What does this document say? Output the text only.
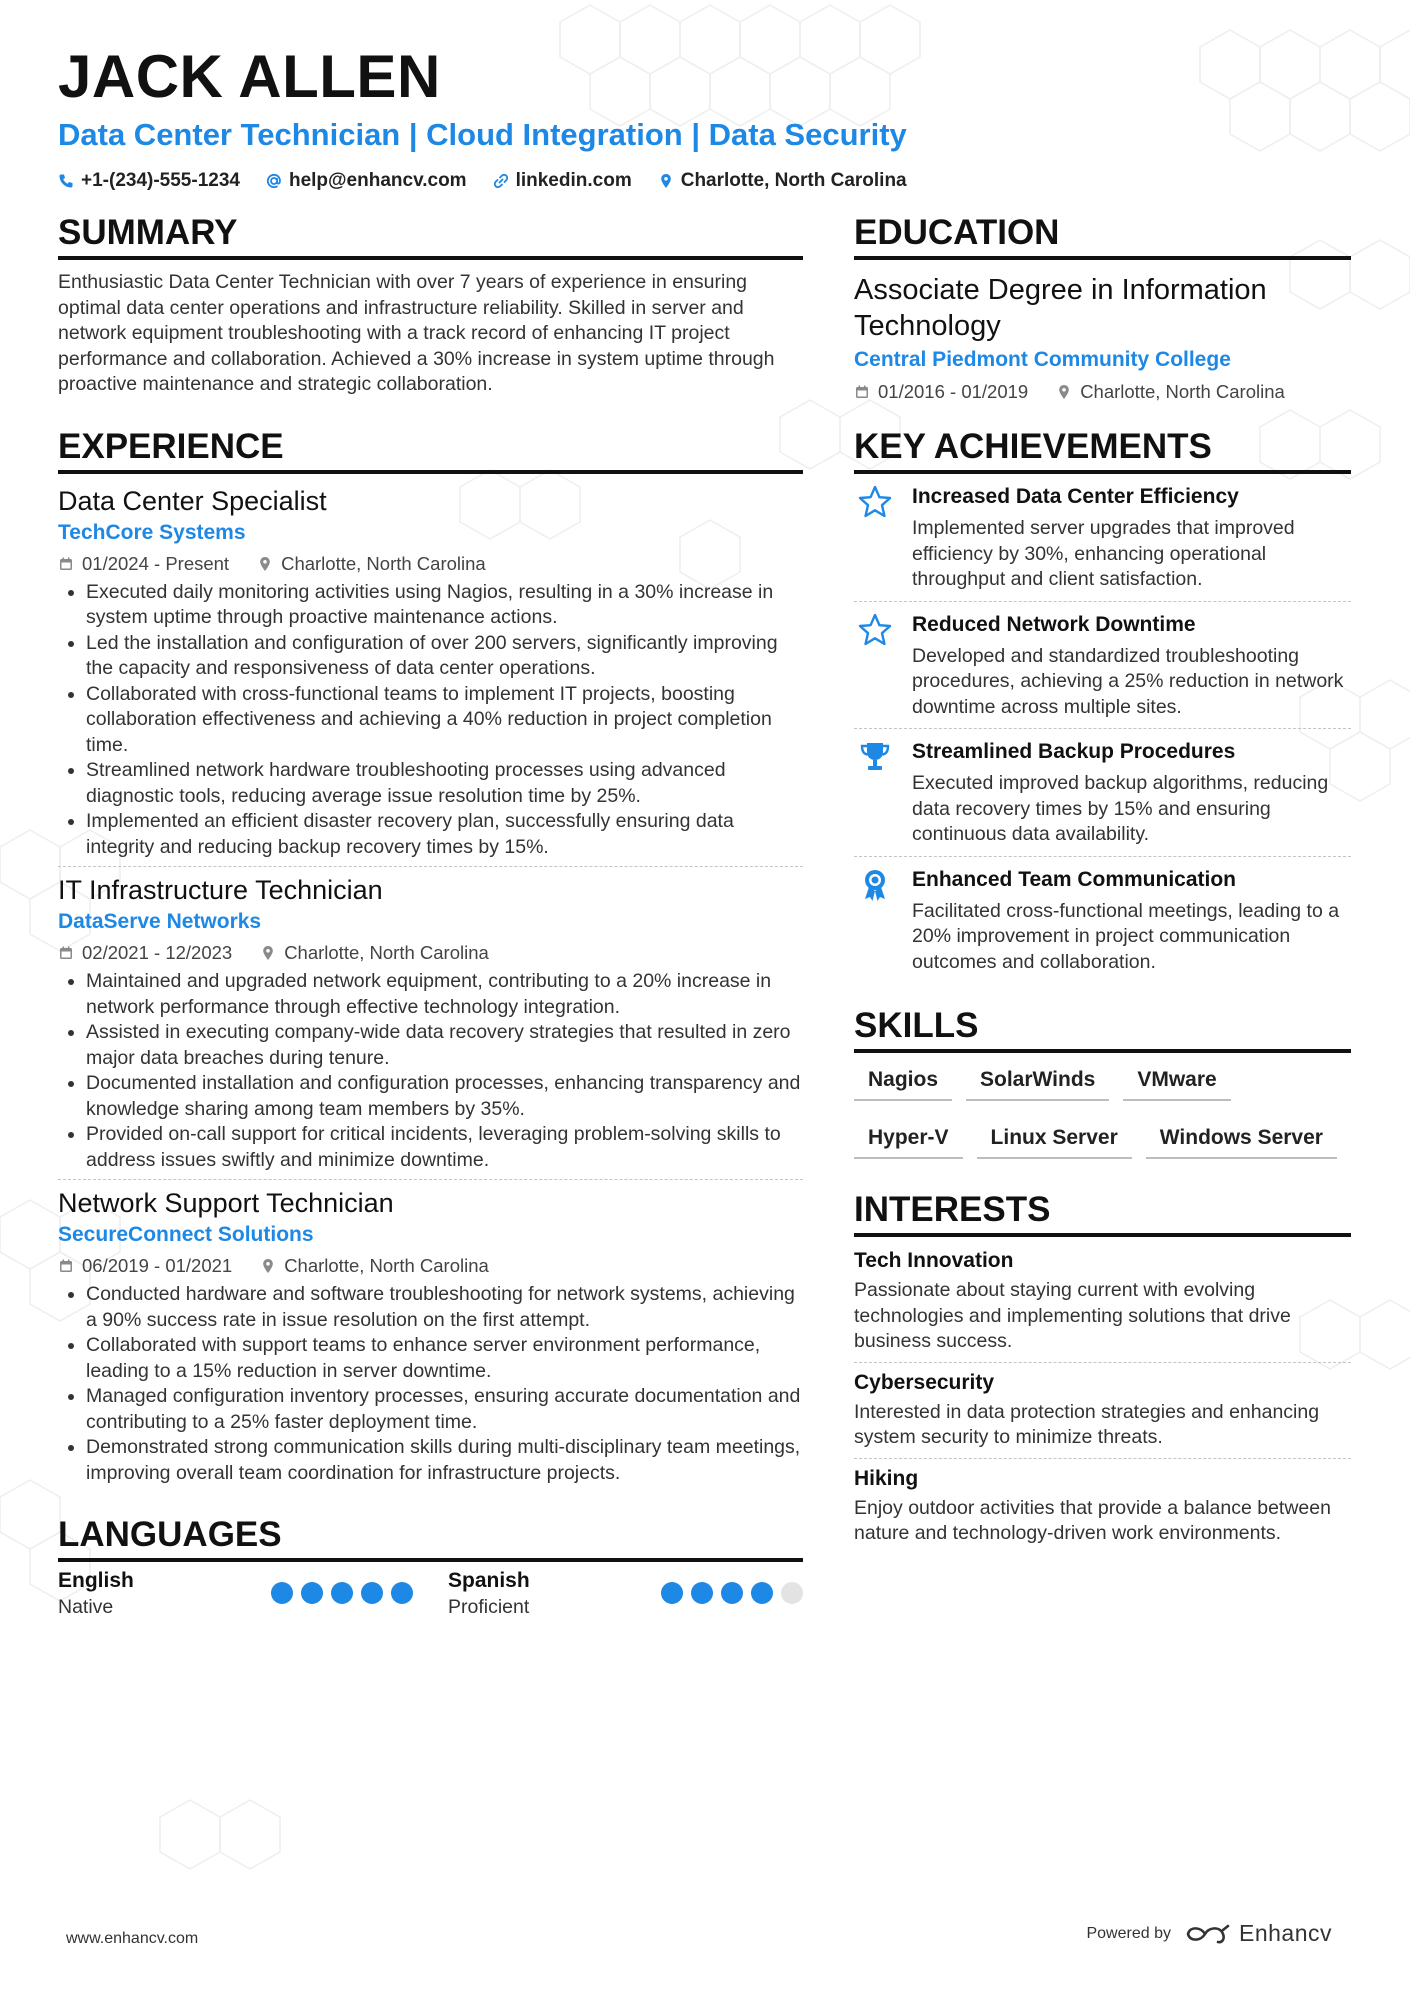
JACK ALLEN
Data Center Technician | Cloud Integration | Data Security
+1-(234)-555-1234	help@enhancv.com	linkedin.com	Charlotte, North Carolina
SUMMARY
Enthusiastic Data Center Technician with over 7 years of experience in ensuring optimal data center operations and infrastructure reliability. Skilled in server and network equipment troubleshooting with a track record of enhancing IT project performance and collaboration. Achieved a 30% increase in system uptime through proactive maintenance and strategic collaboration.
EXPERIENCE
Data Center Specialist
TechCore Systems
01/2024 - Present	Charlotte, North Carolina
• Executed daily monitoring activities using Nagios, resulting in a 30% increase in system uptime through proactive maintenance actions.
• Led the installation and configuration of over 200 servers, significantly improving the capacity and responsiveness of data center operations.
• Collaborated with cross-functional teams to implement IT projects, boosting collaboration effectiveness and achieving a 40% reduction in project completion time.
• Streamlined network hardware troubleshooting processes using advanced diagnostic tools, reducing average issue resolution time by 25%.
• Implemented an efficient disaster recovery plan, successfully ensuring data integrity and reducing backup recovery times by 15%.
IT Infrastructure Technician
DataServe Networks
02/2021 - 12/2023	Charlotte, North Carolina
• Maintained and upgraded network equipment, contributing to a 20% increase in network performance through effective technology integration.
• Assisted in executing company-wide data recovery strategies that resulted in zero major data breaches during tenure.
• Documented installation and configuration processes, enhancing transparency and knowledge sharing among team members by 35%.
• Provided on-call support for critical incidents, leveraging problem-solving skills to address issues swiftly and minimize downtime.
Network Support Technician
SecureConnect Solutions
06/2019 - 01/2021	Charlotte, North Carolina
• Conducted hardware and software troubleshooting for network systems, achieving a 90% success rate in issue resolution on the first attempt.
• Collaborated with support teams to enhance server environment performance, leading to a 15% reduction in server downtime.
• Managed configuration inventory processes, ensuring accurate documentation and contributing to a 25% faster deployment time.
• Demonstrated strong communication skills during multi-disciplinary team meetings, improving overall team coordination for infrastructure projects.
LANGUAGES
English
Native
Spanish
Proficient
EDUCATION
Associate Degree in Information Technology
Central Piedmont Community College
01/2016 - 01/2019	Charlotte, North Carolina
KEY ACHIEVEMENTS
Increased Data Center Efficiency
Implemented server upgrades that improved efficiency by 30%, enhancing operational throughput and client satisfaction.
Reduced Network Downtime
Developed and standardized troubleshooting procedures, achieving a 25% reduction in network downtime across multiple sites.
Streamlined Backup Procedures
Executed improved backup algorithms, reducing data recovery times by 15% and ensuring continuous data availability.
Enhanced Team Communication
Facilitated cross-functional meetings, leading to a 20% improvement in project communication outcomes and collaboration.
SKILLS
Nagios	SolarWinds	VMware
Hyper-V	Linux Server	Windows Server
INTERESTS
Tech Innovation
Passionate about staying current with evolving technologies and implementing solutions that drive business success.
Cybersecurity
Interested in data protection strategies and enhancing system security to minimize threats.
Hiking
Enjoy outdoor activities that provide a balance between nature and technology-driven work environments.
www.enhancv.com	Powered by	Enhancv
